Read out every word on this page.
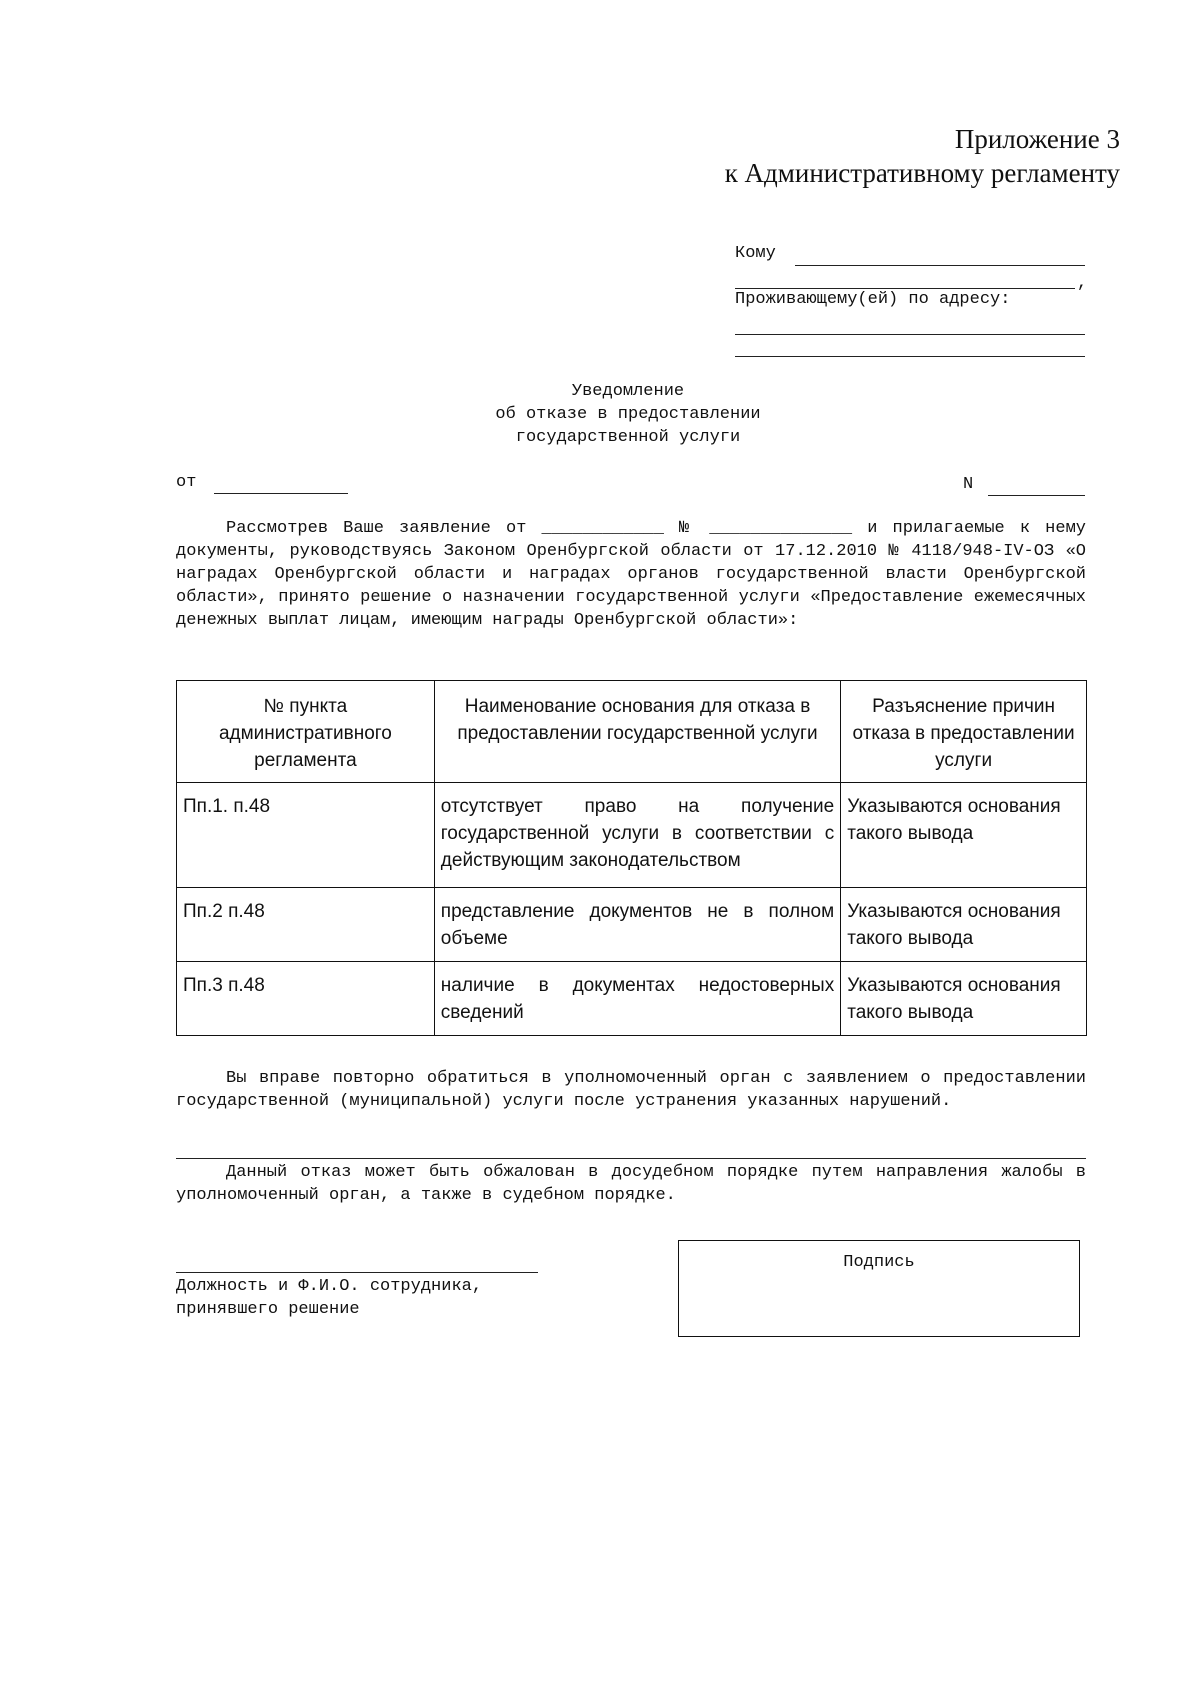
Приложение 3
к Административному регламенту
Кому
,
Проживающему(ей) по адресу:
Уведомление
об отказе в предоставлении
государственной услуги
от	N
Рассмотрев Ваше заявление от ____________ № ______________ и прилагаемые к нему документы, руководствуясь Законом Оренбургской области от 17.12.2010 № 4118/948-IV-ОЗ «О наградах Оренбургской области и наградах органов государственной власти Оренбургской области», принято решение о назначении государственной услуги «Предоставление ежемесячных денежных выплат лицам, имеющим награды Оренбургской области»:
№ пункта административного регламента	Наименование основания для отказа в предоставлении государственной услуги	Разъяснение причин отказа в предоставлении услуги
Пп.1. п.48	отсутствует право на получение государственной услуги в соответствии с действующим законодательством	Указываются основания такого вывода
Пп.2 п.48	представление документов не в полном объеме	Указываются основания такого вывода
Пп.3 п.48	наличие в документах недостоверных сведений	Указываются основания такого вывода
Вы вправе повторно обратиться в уполномоченный орган с заявлением о предоставлении государственной (муниципальной) услуги после устранения указанных нарушений.
Данный отказ может быть обжалован в досудебном порядке путем направления жалобы в уполномоченный орган, а также в судебном порядке.
Должность и Ф.И.О. сотрудника,
принявшего решение
Подпись
